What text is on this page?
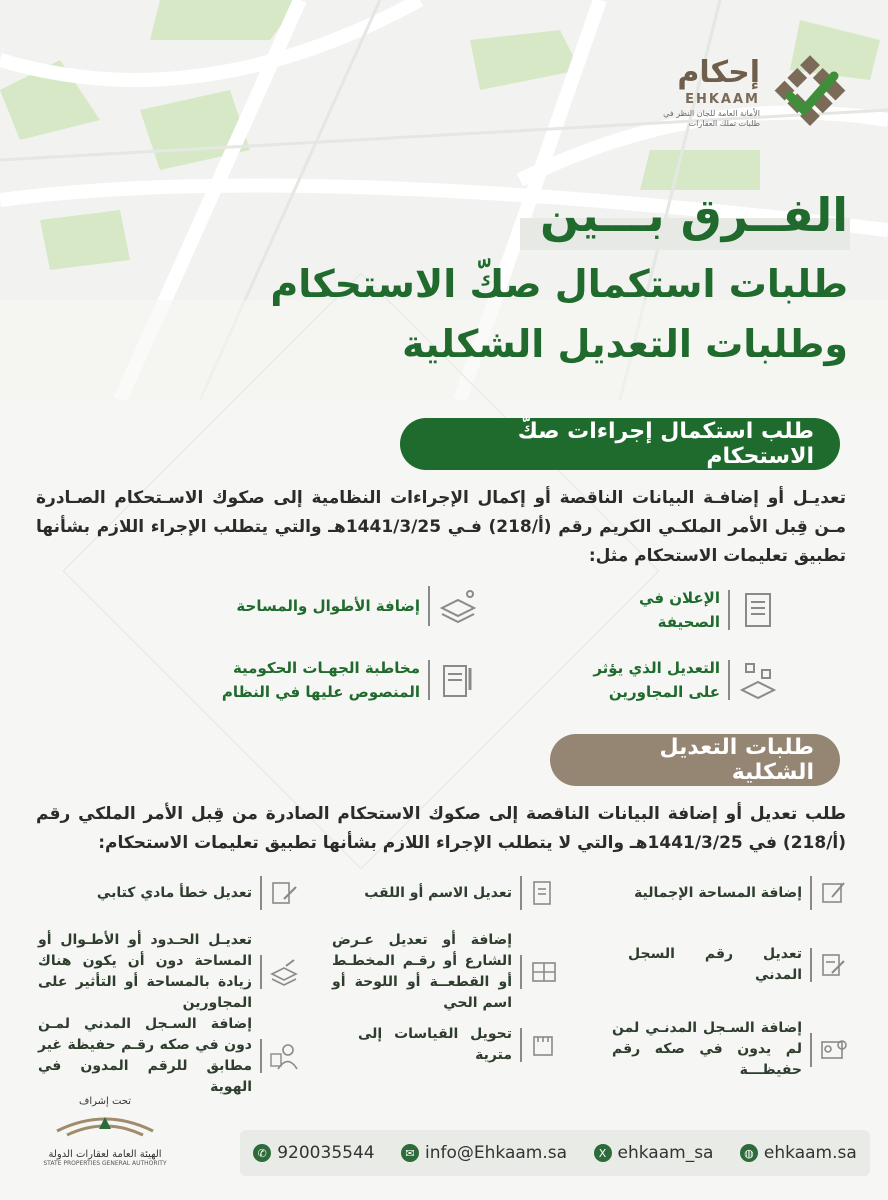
إحكام
EHKAAM
الأمانة العامة للجان النظر في طلبات تملك العقارات
الفــرق بـــين
طلبات استكمال صكّ الاستحكام
وطلبات التعديل الشكلية
طلب استكمال إجراءات صكّ الاستحكام
تعديـل أو إضافـة البيانات الناقصة أو إكمال الإجراءات النظامية إلى صكوك الاسـتحكام الصـادرة مـن قِبل الأمر الملكـي الكريم رقم (أ/218) فـي 1441/3/25هـ والتي يتطلب الإجراء اللازم بشأنها تطبيق تعليمات الاستحكام مثل:
الإعلان في الصحيفة
إضافة الأطوال والمساحة
التعديل الذي يؤثر على المجاورين
مخاطبة الجهـات الحكومية المنصوص عليها في النظام
طلبات التعديل الشكلية
طلب تعديل أو إضافة البيانات الناقصة إلى صكوك الاستحكام الصادرة من قِبل الأمر الملكي رقم (أ/218) في 1441/3/25هـ والتي لا يتطلب الإجراء اللازم بشأنها تطبيق تعليمات الاستحكام:
إضافة المساحة الإجمالية
تعديل الاسم أو اللقب
تعديل خطأ مادي كتابي
تعديل رقم السجل المدني
إضافة أو تعديل عـرض الشارع أو رقـم المخطـط أو القطعــة أو اللوحة أو اسم الحي
تعديـل الحـدود أو الأطـوال أو المساحة دون أن يكون هناك زيادة بالمساحة أو التأثير على المجاورين
إضافة السـجل المدنـي لمن لم يدون في صكه رقم حفيظـــة
تحويل القياسات إلى مترية
إضافة السـجل المدني لمـن دون في صكه رقـم حفيظة غير مطابق للرقم المدون في الهوية
تحت إشراف
الهيئة العامة لعقارات الدولة
STATE PROPERTIES GENERAL AUTHORITY
◍ ehkaam.sa
X ehkaam_sa
✉ info@Ehkaam.sa
✆ 920035544
